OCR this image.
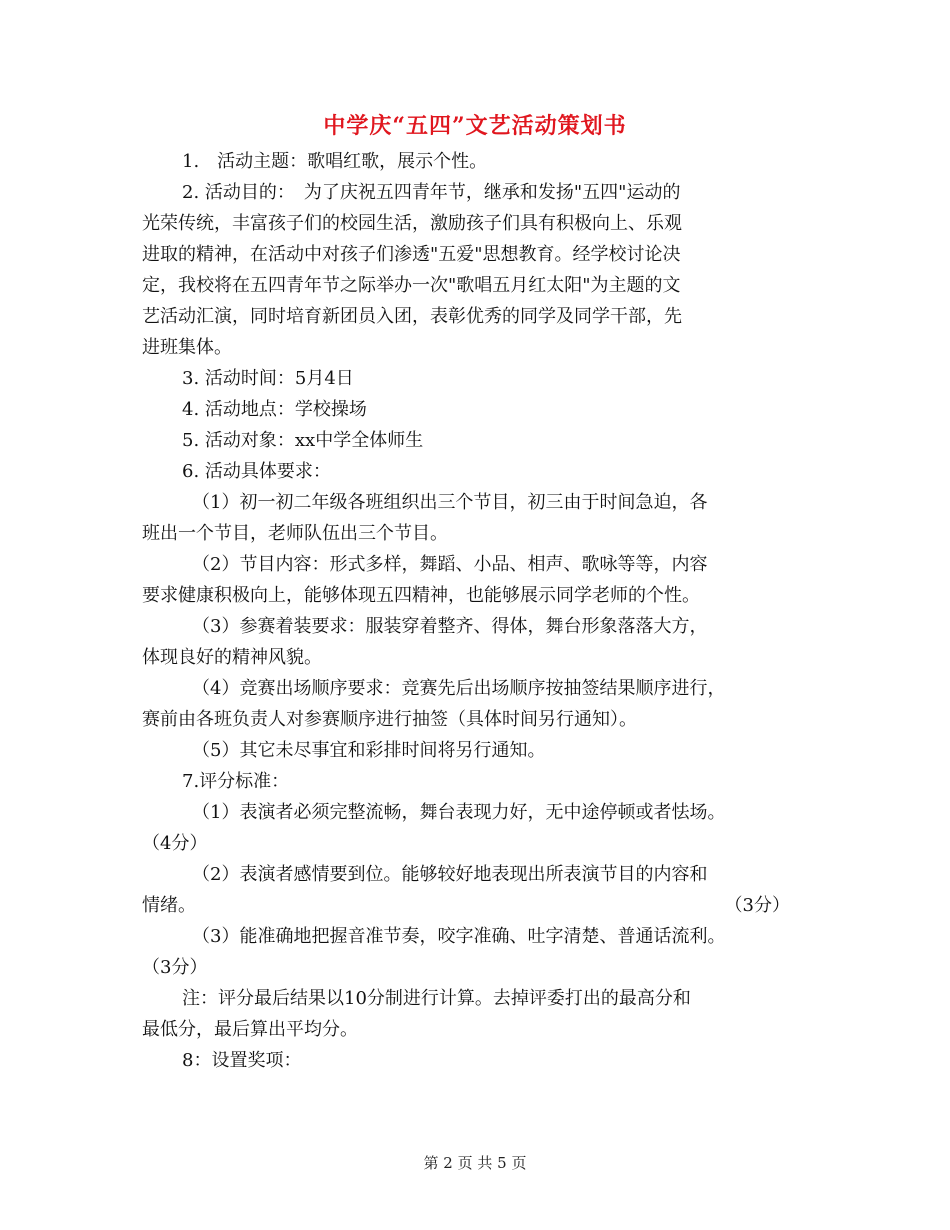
中学庆“五四”文艺活动策划书

1.　活动主题：歌唱红歌，展示个性。

2. 活动目的：　为了庆祝五四青年节，继承和发扬"五四"运动的

光荣传统，丰富孩子们的校园生活，激励孩子们具有积极向上、乐观

进取的精神，在活动中对孩子们渗透"五爱"思想教育。经学校讨论决

定，我校将在五四青年节之际举办一次"歌唱五月红太阳"为主题的文

艺活动汇演，同时培育新团员入团，表彰优秀的同学及同学干部，先

进班集体。

3. 活动时间：5月4日

4. 活动地点：学校操场

5. 活动对象：xx中学全体师生

6. 活动具体要求：

（1）初一初二年级各班组织出三个节目，初三由于时间急迫，各

班出一个节目，老师队伍出三个节目。

（2）节目内容：形式多样，舞蹈、小品、相声、歌咏等等，内容

要求健康积极向上，能够体现五四精神，也能够展示同学老师的个性。

（3）参赛着装要求：服装穿着整齐、得体，舞台形象落落大方，

体现良好的精神风貌。

（4）竞赛出场顺序要求：竞赛先后出场顺序按抽签结果顺序进行，

赛前由各班负责人对参赛顺序进行抽签（具体时间另行通知）。

（5）其它未尽事宜和彩排时间将另行通知。

7.评分标准：

（1）表演者必须完整流畅，舞台表现力好，无中途停顿或者怯场。

（4分）

（2）表演者感情要到位。能够较好地表现出所表演节目的内容和

情绪。	（3分）

（3）能准确地把握音准节奏，咬字准确、吐字清楚、普通话流利。

（3分）

注：评分最后结果以10分制进行计算。去掉评委打出的最高分和

最低分，最后算出平均分。

8：设置奖项：

第 2 页 共 5 页
